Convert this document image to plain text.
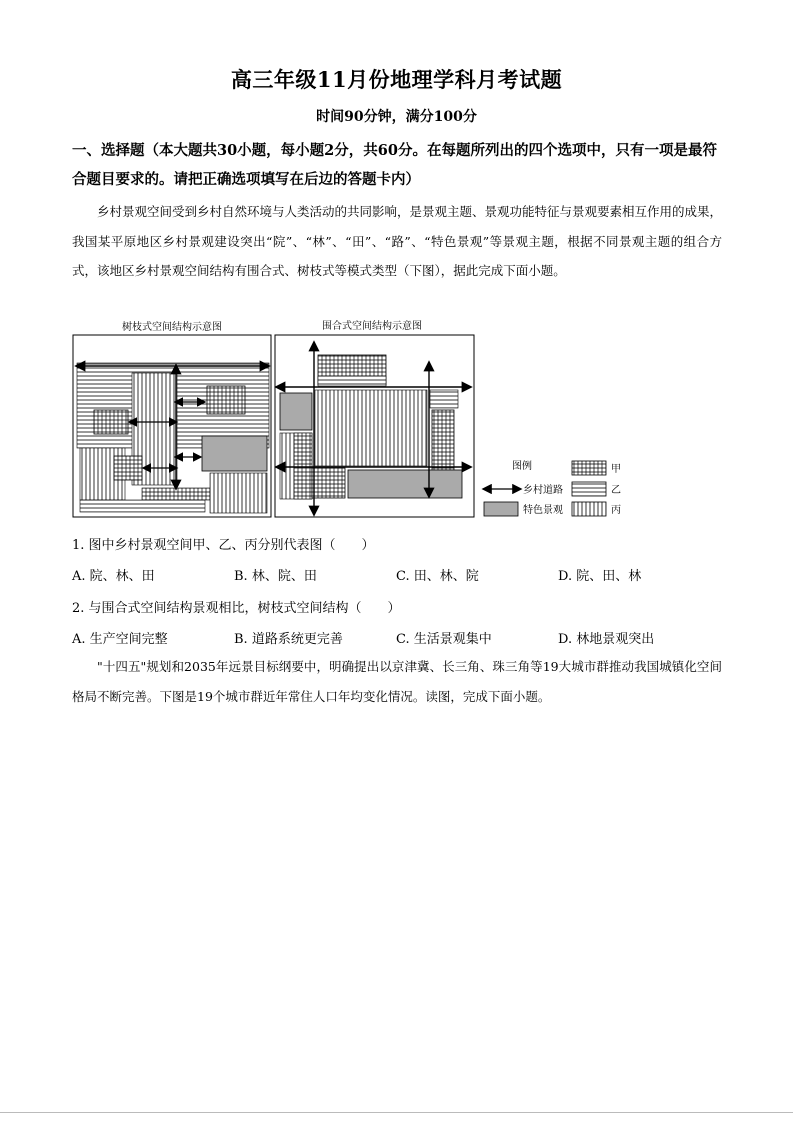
高三年级11月份地理学科月考试题
时间90分钟，满分100分
一、选择题（本大题共30小题，每小题2分，共60分。在每题所列出的四个选项中，只有一项是最符合题目要求的。请把正确选项填写在后边的答题卡内）
乡村景观空间受到乡村自然环境与人类活动的共同影响，是景观主题、景观功能特征与景观要素相互作用的成果，我国某平原地区乡村景观建设突出“院”、“林”、“田”、“路”、“特色景观”等景观主题，根据不同景观主题的组合方式，该地区乡村景观空间结构有围合式、树枝式等模式类型（下图），据此完成下面小题。
树枝式空间结构示意图	围合式空间结构示意图
图例	甲
乡村道路	乙
特色景观	丙
1. 图中乡村景观空间甲、乙、丙分别代表图（　　）
A. 院、林、田	B. 林、院、田	C. 田、林、院	D. 院、田、林
2. 与围合式空间结构景观相比，树枝式空间结构（　　）
A. 生产空间完整	B. 道路系统更完善	C. 生活景观集中	D. 林地景观突出
"十四五"规划和2035年远景目标纲要中，明确提出以京津冀、长三角、珠三角等19大城市群推动我国城镇化空间格局不断完善。下图是19个城市群近年常住人口年均变化情况。读图，完成下面小题。
